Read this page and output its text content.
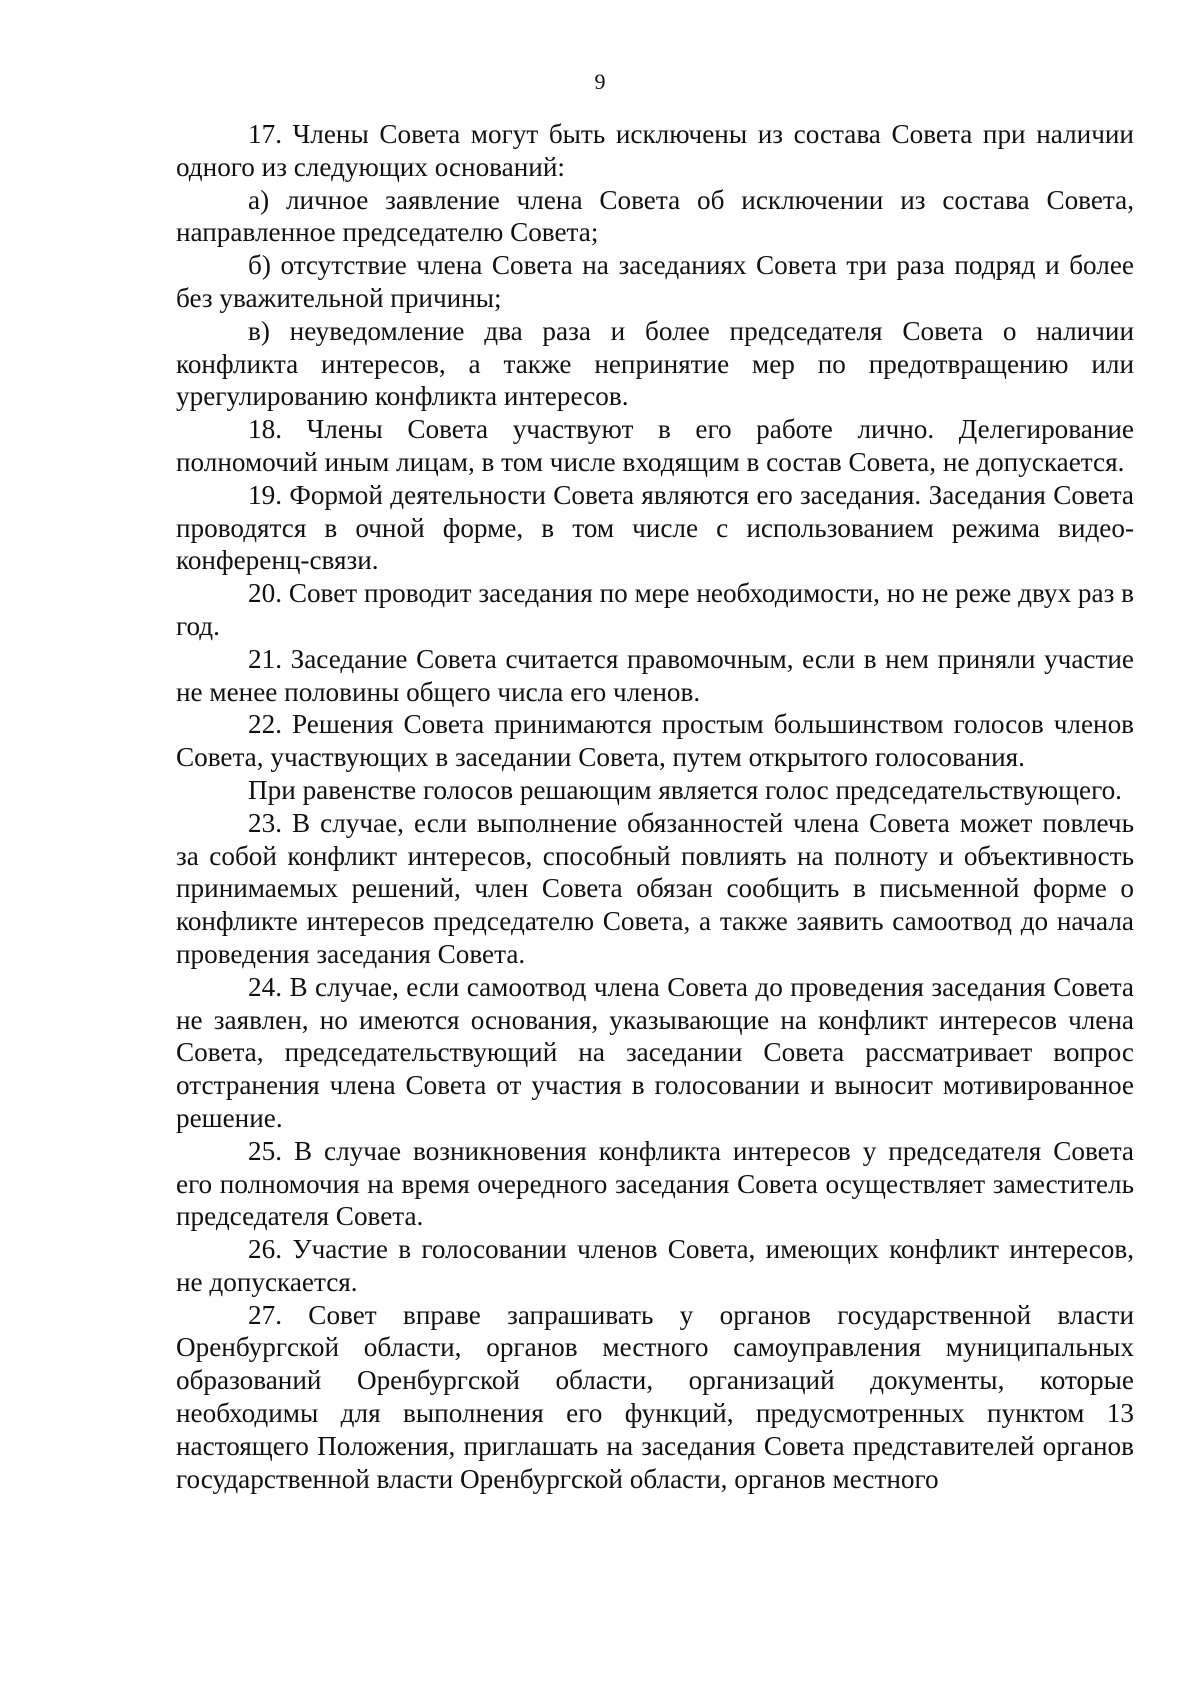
9

17. Члены Совета могут быть исключены из состава Совета при наличии одного из следующих оснований:

а) личное заявление члена Совета об исключении из состава Совета, направленное председателю Совета;

б) отсутствие члена Совета на заседаниях Совета три раза подряд и более без уважительной причины;

в) неуведомление два раза и более председателя Совета о наличии конфликта интересов, а также непринятие мер по предотвращению или урегулированию конфликта интересов.

18. Члены Совета участвуют в его работе лично. Делегирование полномочий иным лицам, в том числе входящим в состав Совета, не допускается.

19. Формой деятельности Совета являются его заседания. Заседания Совета проводятся в очной форме, в том числе с использованием режима видео-конференц-связи.

20. Совет проводит заседания по мере необходимости, но не реже двух раз в год.

21. Заседание Совета считается правомочным, если в нем приняли участие не менее половины общего числа его членов.

22. Решения Совета принимаются простым большинством голосов членов Совета, участвующих в заседании Совета, путем открытого голосования.

При равенстве голосов решающим является голос председательствующего.

23. В случае, если выполнение обязанностей члена Совета может повлечь за собой конфликт интересов, способный повлиять на полноту и объективность принимаемых решений, член Совета обязан сообщить в письменной форме о конфликте интересов председателю Совета, а также заявить самоотвод до начала проведения заседания Совета.

24. В случае, если самоотвод члена Совета до проведения заседания Совета не заявлен, но имеются основания, указывающие на конфликт интересов члена Совета, председательствующий на заседании Совета рассматривает вопрос отстранения члена Совета от участия в голосовании и выносит мотивированное решение.

25. В случае возникновения конфликта интересов у председателя Совета его полномочия на время очередного заседания Совета осуществляет заместитель председателя Совета.

26. Участие в голосовании членов Совета, имеющих конфликт интересов, не допускается.

27. Совет вправе запрашивать у органов государственной власти Оренбургской области, органов местного самоуправления муниципальных образований Оренбургской области, организаций документы, которые необходимы для выполнения его функций, предусмотренных пунктом 13 настоящего Положения, приглашать на заседания Совета представителей органов государственной власти Оренбургской области, органов местного
